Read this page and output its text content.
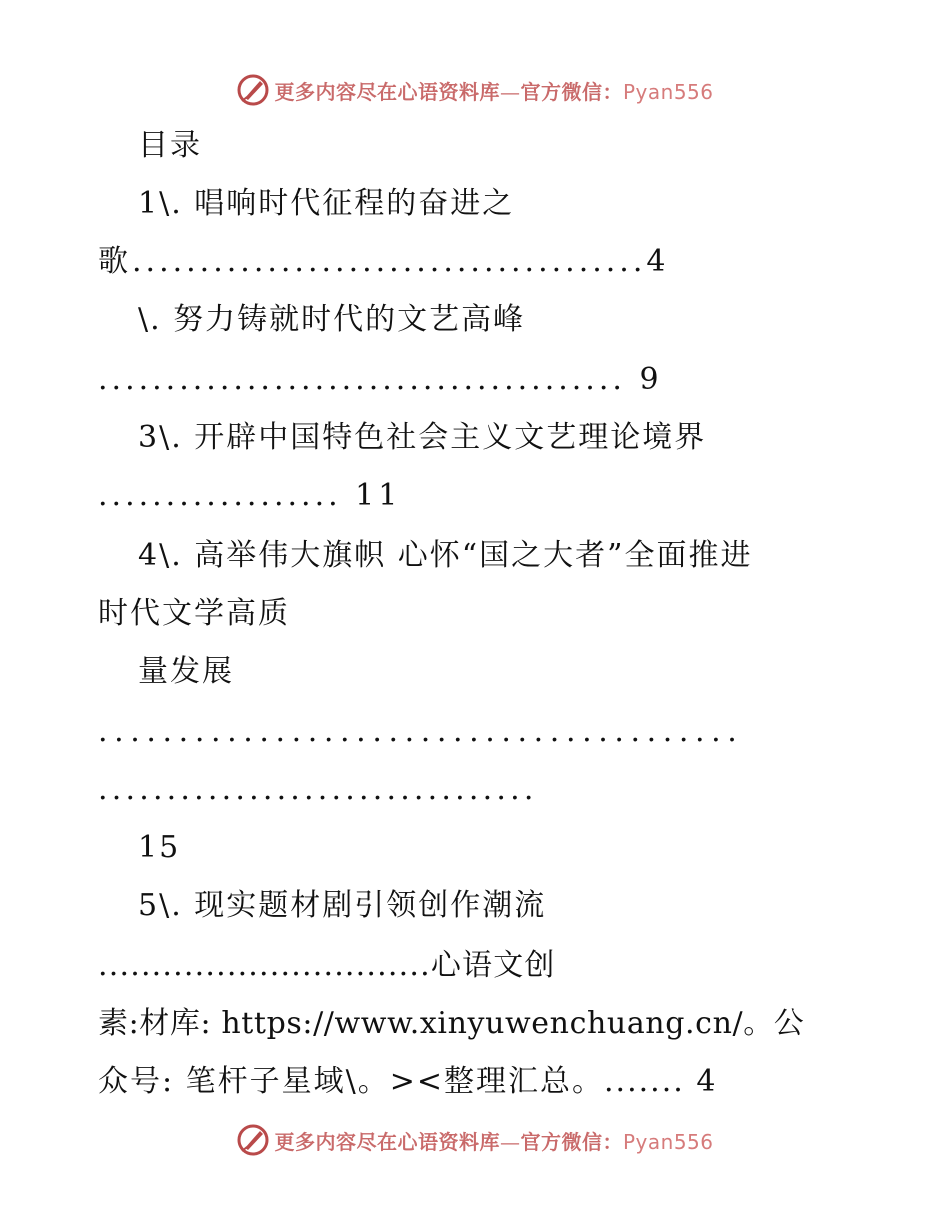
更多内容尽在心语资料库—官方微信：Pyan556
目录
1\. 唱响时代征程的奋进之
歌......................................4
\. 努力铸就时代的文艺高峰
....................................... 9
3\. 开辟中国特色社会主义文艺理论境界
.................. 11
4\. 高举伟大旗帜 心怀“国之大者”全面推进
时代文学高质
量发展
........................................
................................
15
5\. 现实题材剧引领创作潮流
...............................心语文创
素:材库: https://www.xinyuwenchuang.cn/。公
众号: 笔杆子星域\。><整理汇总。....... 4
更多内容尽在心语资料库—官方微信：Pyan556
